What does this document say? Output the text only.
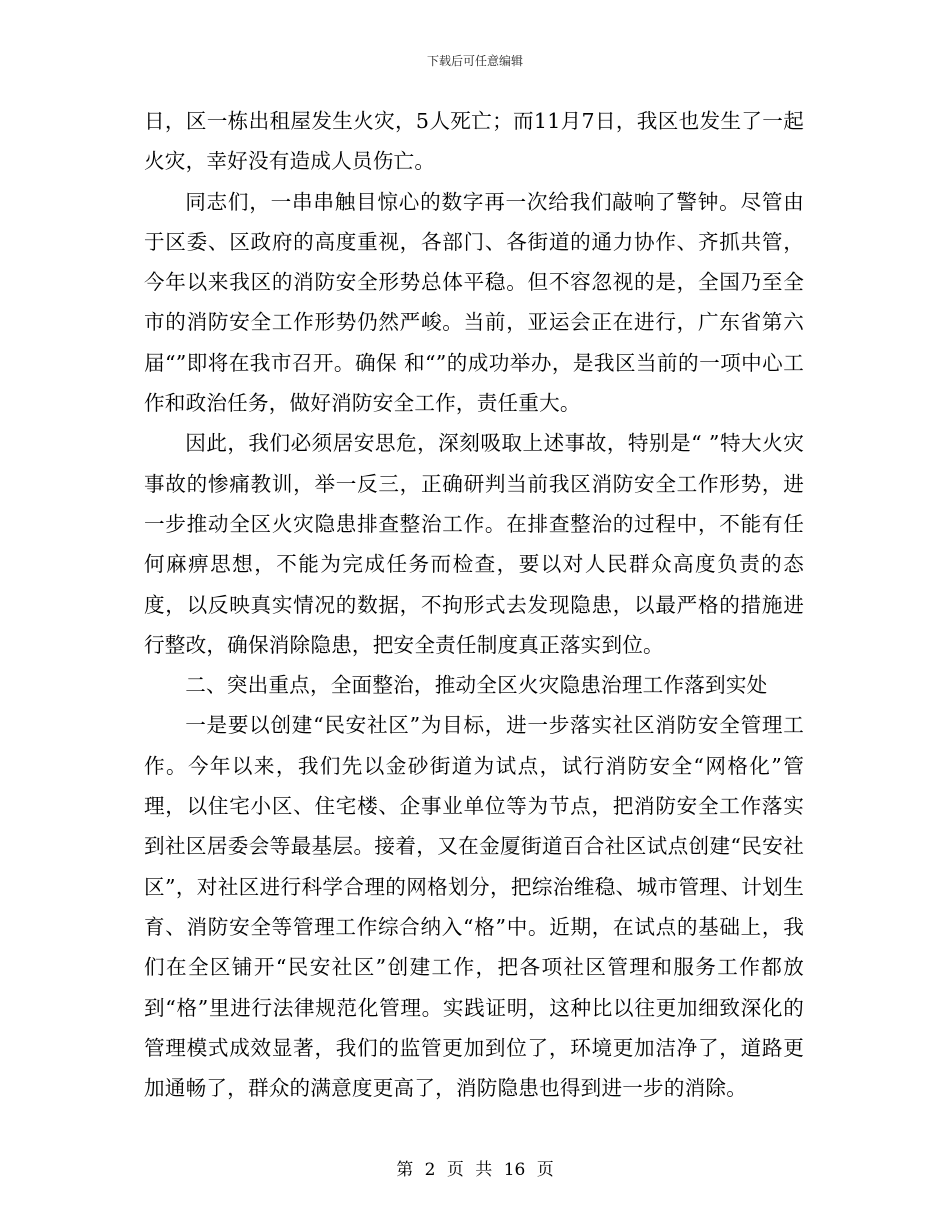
下载后可任意编辑

日，区一栋出租屋发生火灾，5人死亡；而11月7日，我区也发生了一起火灾，幸好没有造成人员伤亡。

同志们，一串串触目惊心的数字再一次给我们敲响了警钟。尽管由于区委、区政府的高度重视，各部门、各街道的通力协作、齐抓共管，今年以来我区的消防安全形势总体平稳。但不容忽视的是，全国乃至全市的消防安全工作形势仍然严峻。当前，亚运会正在进行，广东省第六届“”即将在我市召开。确保 和“”的成功举办，是我区当前的一项中心工作和政治任务，做好消防安全工作，责任重大。

因此，我们必须居安思危，深刻吸取上述事故，特别是“ ”特大火灾事故的惨痛教训，举一反三，正确研判当前我区消防安全工作形势，进一步推动全区火灾隐患排查整治工作。在排查整治的过程中，不能有任何麻痹思想，不能为完成任务而检查，要以对人民群众高度负责的态度，以反映真实情况的数据，不拘形式去发现隐患，以最严格的措施进行整改，确保消除隐患，把安全责任制度真正落实到位。

二、突出重点，全面整治，推动全区火灾隐患治理工作落到实处

一是要以创建“民安社区”为目标，进一步落实社区消防安全管理工作。今年以来，我们先以金砂街道为试点，试行消防安全“网格化”管理，以住宅小区、住宅楼、企事业单位等为节点，把消防安全工作落实到社区居委会等最基层。接着，又在金厦街道百合社区试点创建“民安社区”，对社区进行科学合理的网格划分，把综治维稳、城市管理、计划生育、消防安全等管理工作综合纳入“格”中。近期，在试点的基础上，我们在全区铺开“民安社区”创建工作，把各项社区管理和服务工作都放到“格”里进行法律规范化管理。实践证明，这种比以往更加细致深化的管理模式成效显著，我们的监管更加到位了，环境更加洁净了，道路更加通畅了，群众的满意度更高了，消防隐患也得到进一步的消除。

第 2 页 共 16 页
